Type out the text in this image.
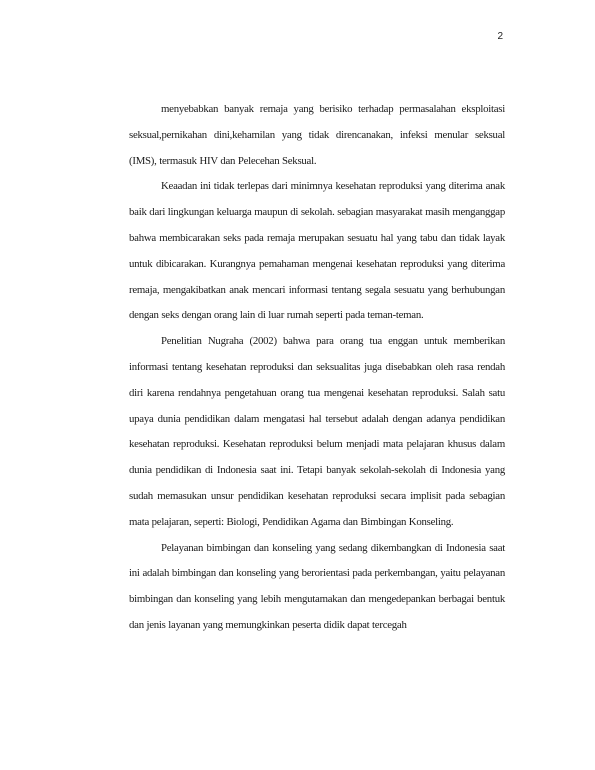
2

menyebabkan banyak remaja yang berisiko terhadap permasalahan eksploitasi seksual,pernikahan dini,kehamilan yang tidak direncanakan, infeksi menular seksual (IMS), termasuk HIV dan Pelecehan Seksual.

Keaadan ini tidak terlepas dari minimnya kesehatan reproduksi yang diterima anak baik dari lingkungan keluarga maupun di sekolah. sebagian masyarakat masih menganggap bahwa membicarakan seks pada remaja merupakan sesuatu hal yang tabu dan tidak layak untuk dibicarakan. Kurangnya pemahaman mengenai kesehatan reproduksi yang diterima remaja, mengakibatkan anak mencari informasi tentang segala sesuatu yang berhubungan dengan seks dengan orang lain di luar rumah seperti pada teman-teman.

Penelitian Nugraha (2002) bahwa para orang tua enggan untuk memberikan informasi tentang kesehatan reproduksi dan seksualitas juga disebabkan oleh rasa rendah diri karena rendahnya pengetahuan orang tua mengenai kesehatan reproduksi. Salah satu upaya dunia pendidikan dalam mengatasi hal tersebut adalah dengan adanya pendidikan kesehatan reproduksi. Kesehatan reproduksi belum menjadi mata pelajaran khusus dalam dunia pendidikan di Indonesia saat ini. Tetapi banyak sekolah-sekolah di Indonesia yang sudah memasukan unsur pendidikan kesehatan reproduksi secara implisit pada sebagian mata pelajaran, seperti: Biologi, Pendidikan Agama dan Bimbingan Konseling.

Pelayanan bimbingan dan konseling yang sedang dikembangkan di Indonesia saat ini adalah bimbingan dan konseling yang berorientasi pada perkembangan, yaitu pelayanan bimbingan dan konseling yang lebih mengutamakan dan mengedepankan berbagai bentuk dan jenis layanan yang memungkinkan peserta didik dapat tercegah
